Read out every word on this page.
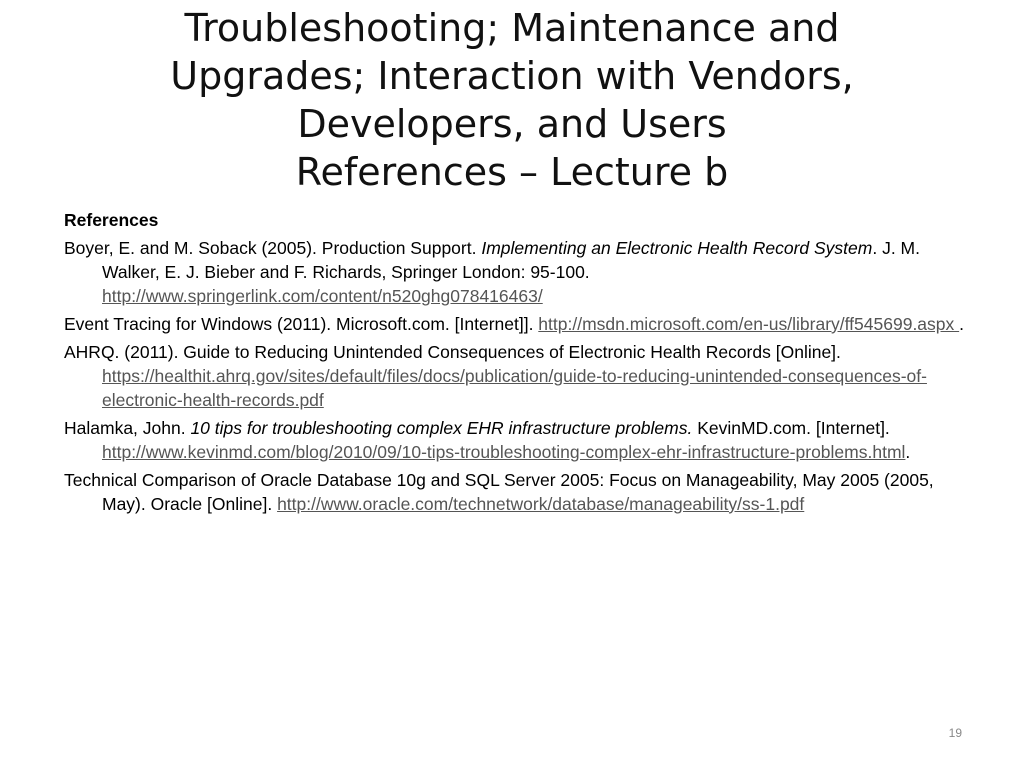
Troubleshooting; Maintenance and
Upgrades; Interaction with Vendors,
Developers, and Users
References – Lecture b
References
Boyer, E. and M. Soback (2005). Production Support. Implementing an Electronic Health Record System. J. M. Walker, E. J. Bieber and F. Richards, Springer London: 95-100. http://www.springerlink.com/content/n520ghg078416463/
Event Tracing for Windows (2011). Microsoft.com. [Internet]]. http://msdn.microsoft.com/en-us/library/ff545699.aspx .
AHRQ. (2011). Guide to Reducing Unintended Consequences of Electronic Health Records [Online]. https://healthit.ahrq.gov/sites/default/files/docs/publication/guide-to-reducing-unintended-consequences-of-electronic-health-records.pdf
Halamka, John. 10 tips for troubleshooting complex EHR infrastructure problems. KevinMD.com. [Internet]. http://www.kevinmd.com/blog/2010/09/10-tips-troubleshooting-complex-ehr-infrastructure-problems.html.
Technical Comparison of Oracle Database 10g and SQL Server 2005: Focus on Manageability, May 2005 (2005, May). Oracle [Online]. http://www.oracle.com/technetwork/database/manageability/ss-1.pdf
19
